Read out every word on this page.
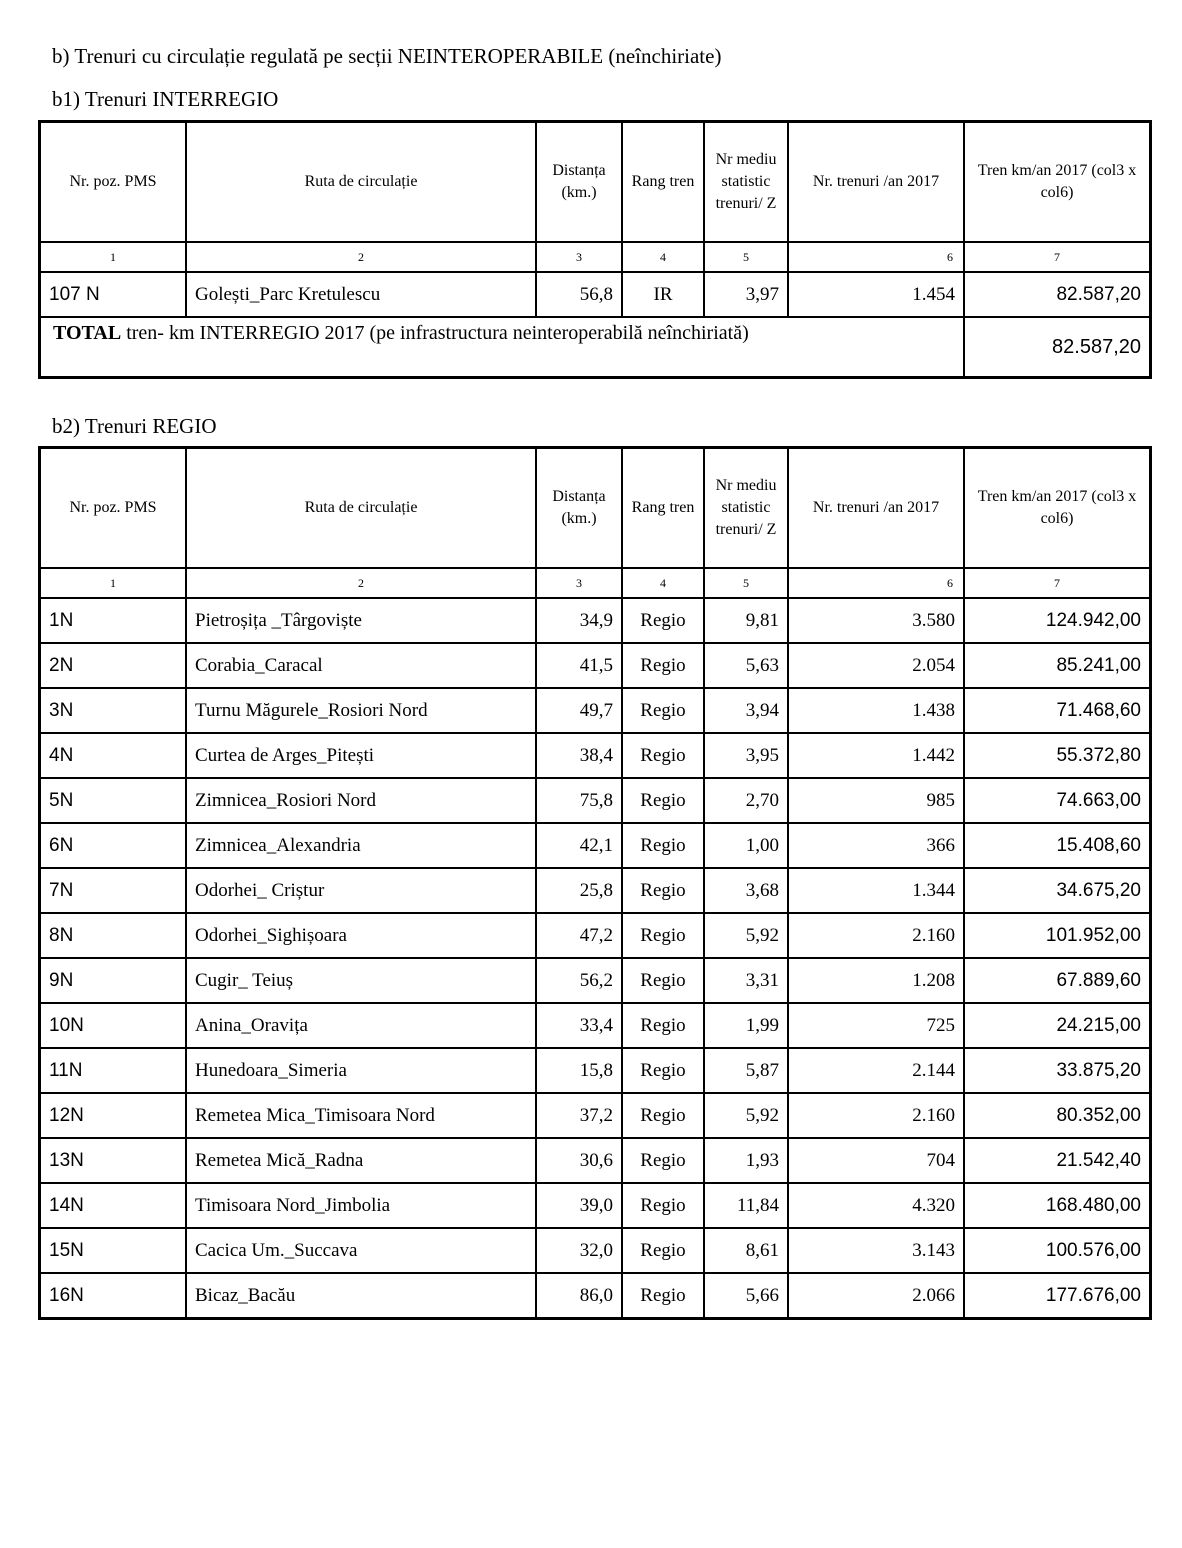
b) Trenuri cu circulație regulată pe secții NEINTEROPERABILE (neînchiriate)
b1) Trenuri INTERREGIO
Nr. poz. PMS	Ruta de circulație	Distanța (km.)	Rang tren	Nr mediu statistic trenuri/ Z	Nr. trenuri /an 2017	Tren km/an 2017 (col3 x col6)
1	2	3	4	5	6	7
107 N	Golești_Parc Kretulescu	56,8	IR	3,97	1.454	82.587,20
TOTAL tren- km INTERREGIO 2017 (pe infrastructura neinteroperabilă neînchiriată)						82.587,20
b2) Trenuri REGIO
Nr. poz. PMS	Ruta de circulație	Distanța (km.)	Rang tren	Nr mediu statistic trenuri/ Z	Nr. trenuri /an 2017	Tren km/an 2017 (col3 x col6)
1	2	3	4	5	6	7
1N	Pietroșița _Târgoviște	34,9	Regio	9,81	3.580	124.942,00
2N	Corabia_Caracal	41,5	Regio	5,63	2.054	85.241,00
3N	Turnu Măgurele_Rosiori Nord	49,7	Regio	3,94	1.438	71.468,60
4N	Curtea de Arges_Pitești	38,4	Regio	3,95	1.442	55.372,80
5N	Zimnicea_Rosiori Nord	75,8	Regio	2,70	985	74.663,00
6N	Zimnicea_Alexandria	42,1	Regio	1,00	366	15.408,60
7N	Odorhei_ Criștur	25,8	Regio	3,68	1.344	34.675,20
8N	Odorhei_Sighișoara	47,2	Regio	5,92	2.160	101.952,00
9N	Cugir_ Teiuș	56,2	Regio	3,31	1.208	67.889,60
10N	Anina_Oravița	33,4	Regio	1,99	725	24.215,00
11N	Hunedoara_Simeria	15,8	Regio	5,87	2.144	33.875,20
12N	Remetea Mica_Timisoara Nord	37,2	Regio	5,92	2.160	80.352,00
13N	Remetea Mică_Radna	30,6	Regio	1,93	704	21.542,40
14N	Timisoara Nord_Jimbolia	39,0	Regio	11,84	4.320	168.480,00
15N	Cacica Um._Succava	32,0	Regio	8,61	3.143	100.576,00
16N	Bicaz_Bacău	86,0	Regio	5,66	2.066	177.676,00
